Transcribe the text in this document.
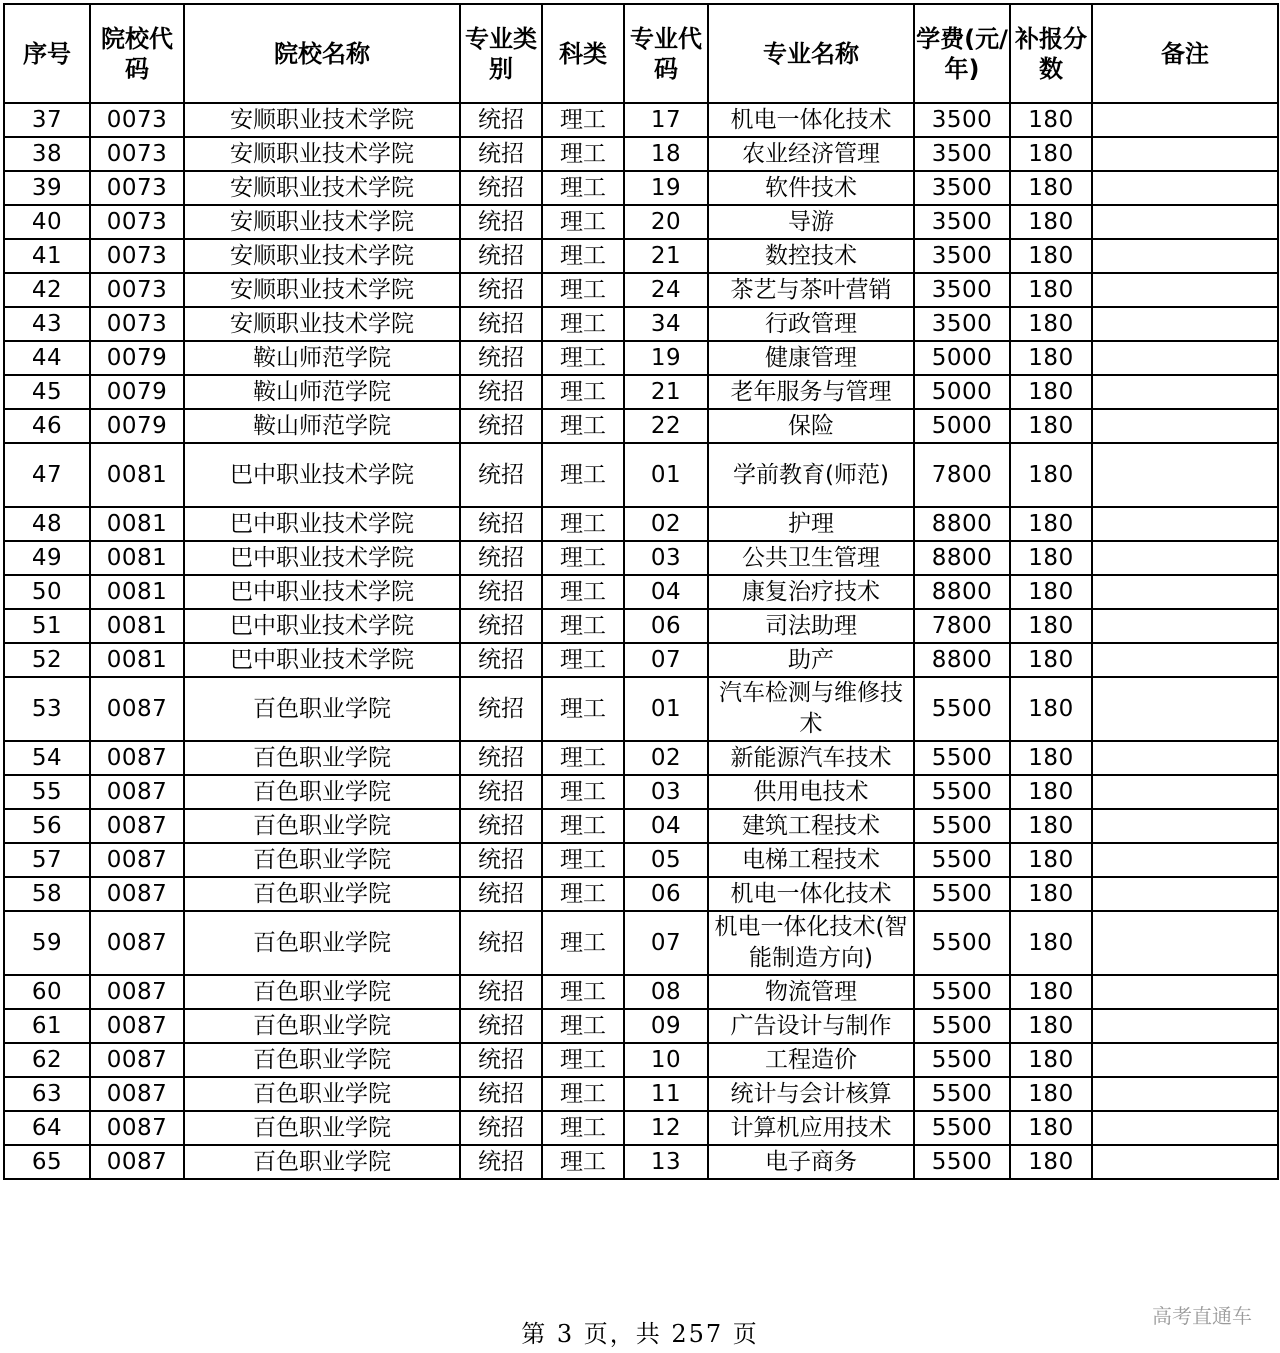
序号	院校代码	院校名称	专业类别	科类	专业代码	专业名称	学费(元/年)	补报分数	备注
37	0073	安顺职业技术学院	统招	理工	17	机电一体化技术	3500	180	
38	0073	安顺职业技术学院	统招	理工	18	农业经济管理	3500	180	
39	0073	安顺职业技术学院	统招	理工	19	软件技术	3500	180	
40	0073	安顺职业技术学院	统招	理工	20	导游	3500	180	
41	0073	安顺职业技术学院	统招	理工	21	数控技术	3500	180	
42	0073	安顺职业技术学院	统招	理工	24	茶艺与茶叶营销	3500	180	
43	0073	安顺职业技术学院	统招	理工	34	行政管理	3500	180	
44	0079	鞍山师范学院	统招	理工	19	健康管理	5000	180	
45	0079	鞍山师范学院	统招	理工	21	老年服务与管理	5000	180	
46	0079	鞍山师范学院	统招	理工	22	保险	5000	180	
47	0081	巴中职业技术学院	统招	理工	01	学前教育(师范)	7800	180	
48	0081	巴中职业技术学院	统招	理工	02	护理	8800	180	
49	0081	巴中职业技术学院	统招	理工	03	公共卫生管理	8800	180	
50	0081	巴中职业技术学院	统招	理工	04	康复治疗技术	8800	180	
51	0081	巴中职业技术学院	统招	理工	06	司法助理	7800	180	
52	0081	巴中职业技术学院	统招	理工	07	助产	8800	180	
53	0087	百色职业学院	统招	理工	01	汽车检测与维修技术	5500	180	
54	0087	百色职业学院	统招	理工	02	新能源汽车技术	5500	180	
55	0087	百色职业学院	统招	理工	03	供用电技术	5500	180	
56	0087	百色职业学院	统招	理工	04	建筑工程技术	5500	180	
57	0087	百色职业学院	统招	理工	05	电梯工程技术	5500	180	
58	0087	百色职业学院	统招	理工	06	机电一体化技术	5500	180	
59	0087	百色职业学院	统招	理工	07	机电一体化技术(智能制造方向)	5500	180	
60	0087	百色职业学院	统招	理工	08	物流管理	5500	180	
61	0087	百色职业学院	统招	理工	09	广告设计与制作	5500	180	
62	0087	百色职业学院	统招	理工	10	工程造价	5500	180	
63	0087	百色职业学院	统招	理工	11	统计与会计核算	5500	180	
64	0087	百色职业学院	统招	理工	12	计算机应用技术	5500	180	
65	0087	百色职业学院	统招	理工	13	电子商务	5500	180	
第 3 页，共 257 页
高考直通车
